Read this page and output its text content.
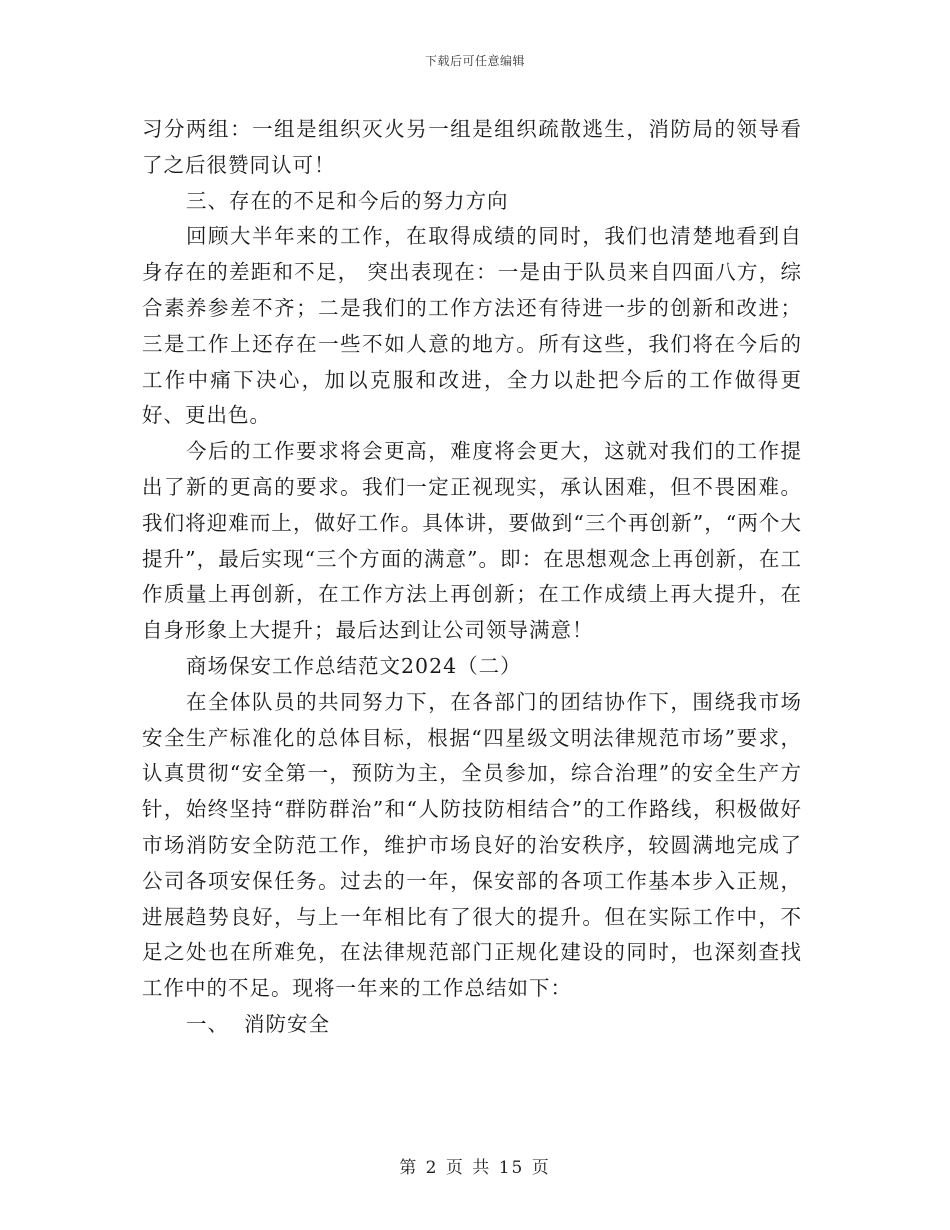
下载后可任意编辑

习分两组：一组是组织灭火另一组是组织疏散逃生，消防局的领导看了之后很赞同认可！

三、存在的不足和今后的努力方向

回顾大半年来的工作，在取得成绩的同时，我们也清楚地看到自身存在的差距和不足， 突出表现在：一是由于队员来自四面八方，综合素养参差不齐；二是我们的工作方法还有待进一步的创新和改进；三是工作上还存在一些不如人意的地方。所有这些，我们将在今后的工作中痛下决心，加以克服和改进，全力以赴把今后的工作做得更好、更出色。

今后的工作要求将会更高，难度将会更大，这就对我们的工作提出了新的更高的要求。我们一定正视现实，承认困难，但不畏困难。我们将迎难而上，做好工作。具体讲，要做到“三个再创新”，“两个大提升”，最后实现“三个方面的满意”。即：在思想观念上再创新，在工作质量上再创新，在工作方法上再创新；在工作成绩上再大提升，在自身形象上大提升；最后达到让公司领导满意！

商场保安工作总结范文2024（二）

在全体队员的共同努力下，在各部门的团结协作下，围绕我市场安全生产标准化的总体目标，根据“四星级文明法律规范市场”要求，认真贯彻“安全第一，预防为主，全员参加，综合治理”的安全生产方针，始终坚持“群防群治”和“人防技防相结合”的工作路线，积极做好市场消防安全防范工作，维护市场良好的治安秩序，较圆满地完成了公司各项安保任务。过去的一年，保安部的各项工作基本步入正规，进展趋势良好，与上一年相比有了很大的提升。但在实际工作中，不足之处也在所难免，在法律规范部门正规化建设的同时，也深刻查找工作中的不足。现将一年来的工作总结如下：

一、  消防安全

第 2 页 共 15 页
